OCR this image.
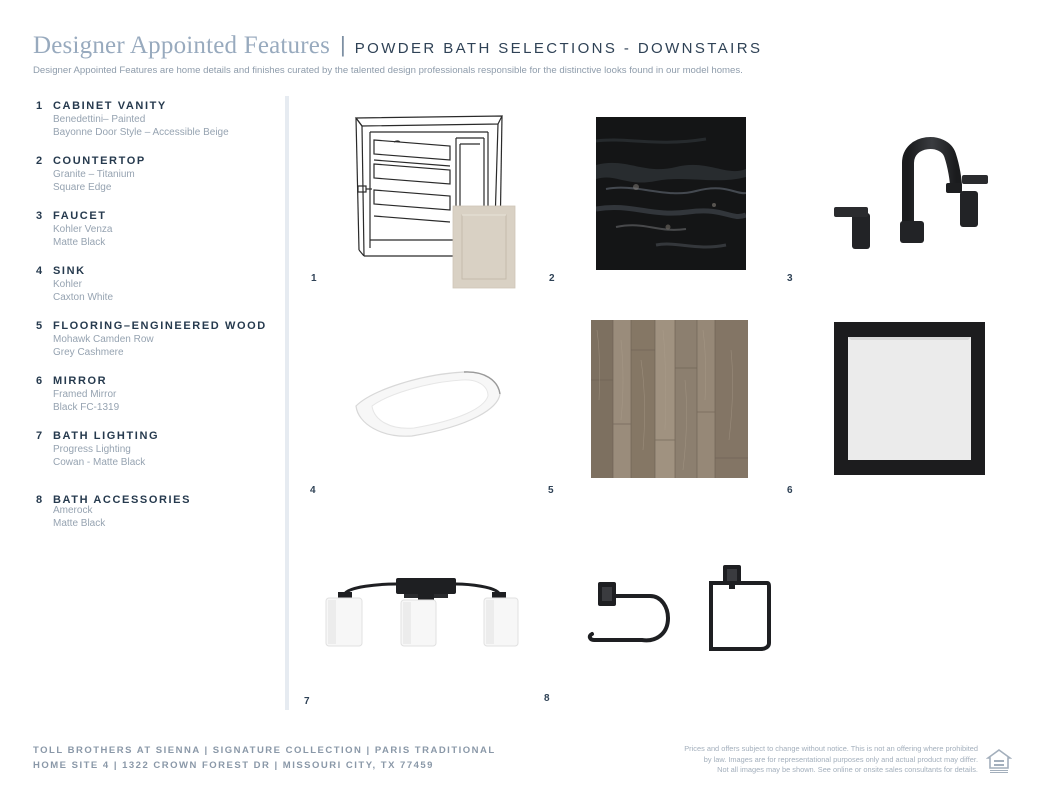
Designer Appointed Features | POWDER BATH SELECTIONS - DOWNSTAIRS
Designer Appointed Features are home details and finishes curated by the talented design professionals responsible for the distinctive looks found in our model homes.
1 CABINET VANITY
Benedettini– Painted
Bayonne Door Style – Accessible Beige
2 COUNTERTOP
Granite – Titanium
Square Edge
3 FAUCET
Kohler Venza
Matte Black
4 SINK
Kohler
Caxton White
5 FLOORING–ENGINEERED WOOD
Mohawk Camden Row
Grey Cashmere
6 MIRROR
Framed Mirror
Black FC-1319
7 BATH LIGHTING
Progress Lighting
Cowan - Matte Black
8 BATH ACCESSORIES
Amerock
Matte Black
1	2	3
4	5	6
7	8
TOLL BROTHERS AT SIENNA | SIGNATURE COLLECTION | PARIS TRADITIONAL
HOME SITE 4 | 1322 CROWN FOREST DR | MISSOURI CITY, TX 77459
Prices and offers subject to change without notice. This is not an offering where prohibited
by law. Images are for representational purposes only and actual product may differ.
Not all images may be shown. See online or onsite sales consultants for details.
